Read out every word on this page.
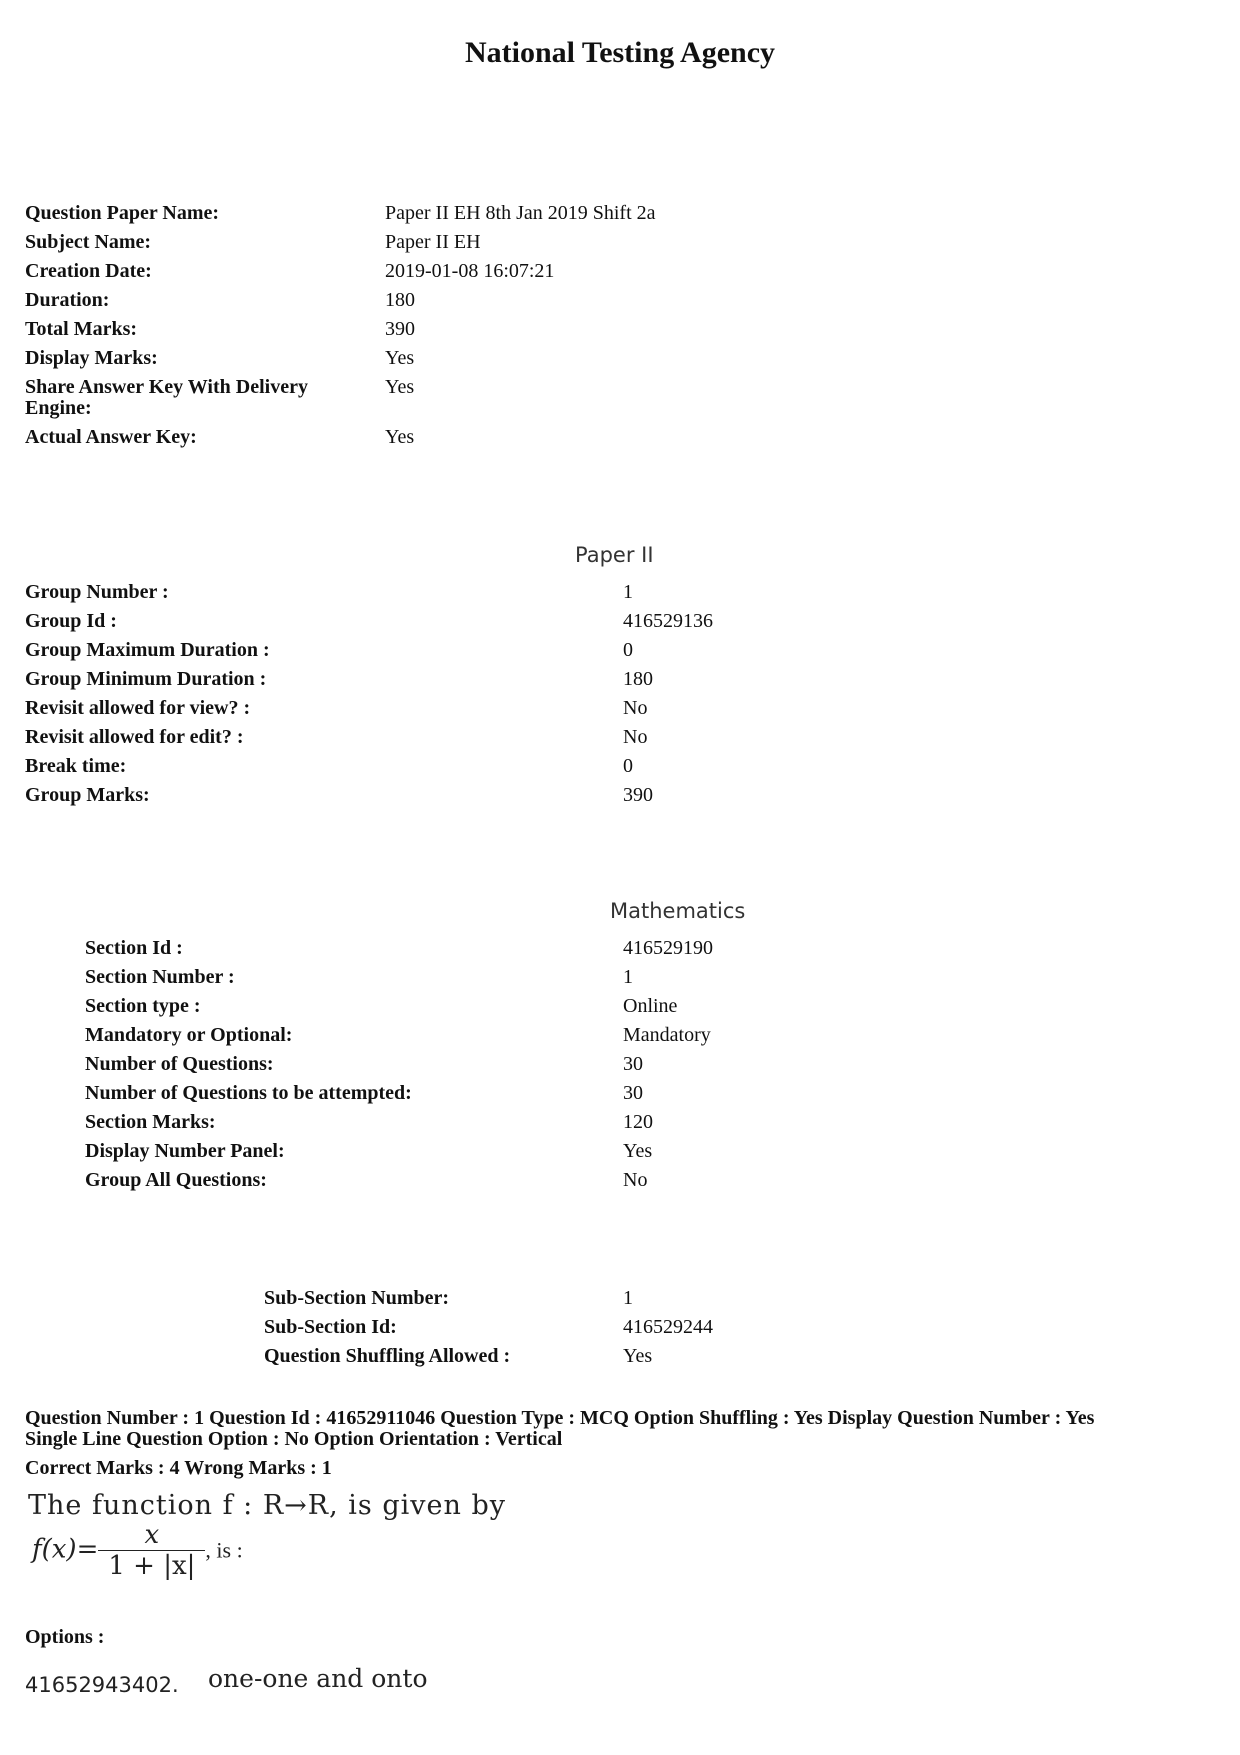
National Testing Agency
Question Paper Name:	Paper II EH 8th Jan 2019 Shift 2a
Subject Name:	Paper II EH
Creation Date:	2019-01-08 16:07:21
Duration:	180
Total Marks:	390
Display Marks:	Yes
Share Answer Key With Delivery
Engine:
Yes
Actual Answer Key:	Yes
Paper II
Group Number :	1
Group Id :	416529136
Group Maximum Duration :	0
Group Minimum Duration :	180
Revisit allowed for view? :	No
Revisit allowed for edit? :	No
Break time:	0
Group Marks:	390
Mathematics
Section Id :	416529190
Section Number :	1
Section type :	Online
Mandatory or Optional:	Mandatory
Number of Questions:	30
Number of Questions to be attempted:	30
Section Marks:	120
Display Number Panel:	Yes
Group All Questions:	No
Sub-Section Number:	1
Sub-Section Id:	416529244
Question Shuffling Allowed :	Yes
Question Number : 1 Question Id : 41652911046 Question Type : MCQ Option Shuffling : Yes Display Question Number : Yes
Single Line Question Option : No Option Orientation : Vertical
Correct Marks : 4 Wrong Marks : 1
The function f : R→R, is given by
$f(x)= \frac{x}{1 + |x|}$ , is :
Options :
41652943402. one-one and onto
